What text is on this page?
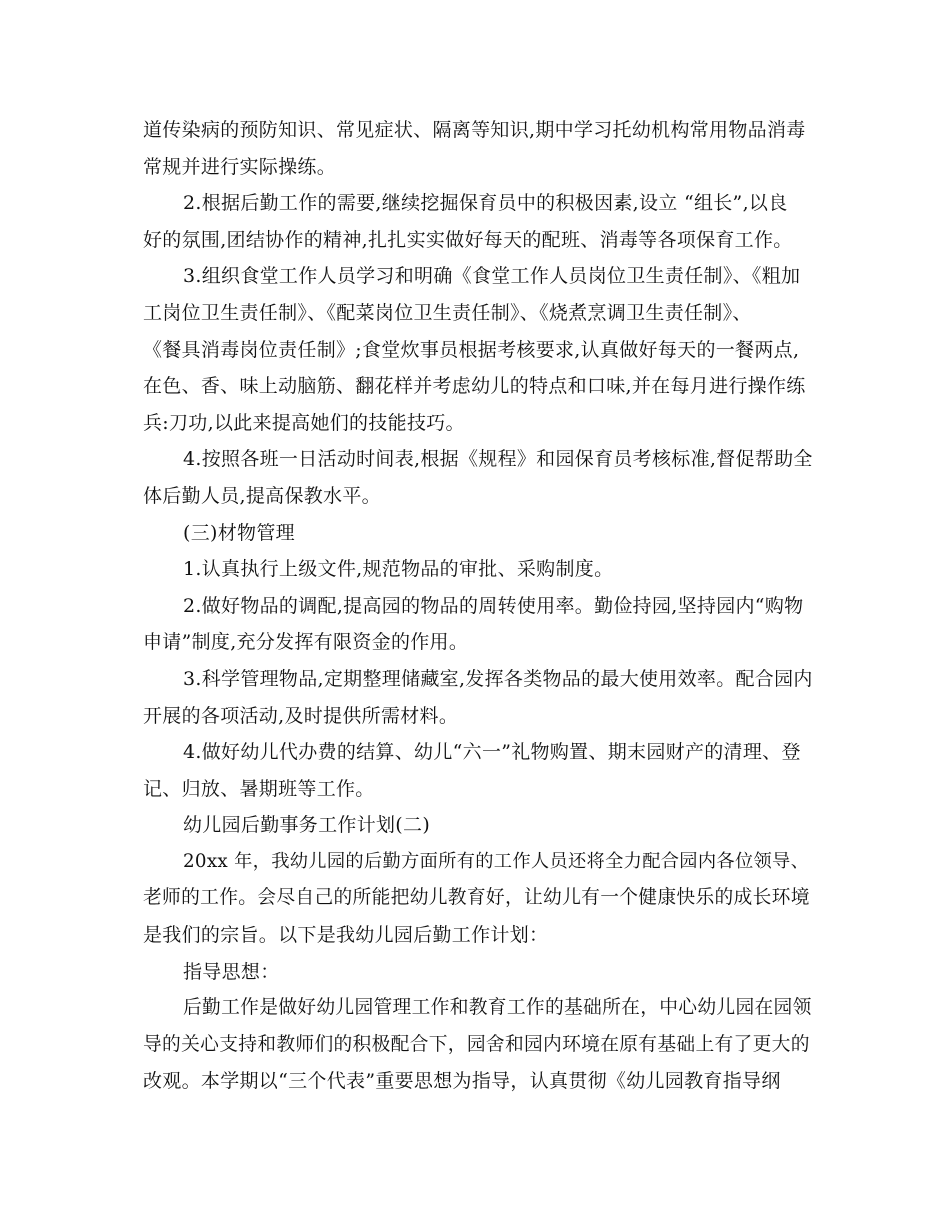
道传染病的预防知识、常见症状、隔离等知识,期中学习托幼机构常用物品消毒
常规并进行实际操练。
2.根据后勤工作的需要,继续挖掘保育员中的积极因素,设立 “组长”,以良
好的氛围,团结协作的精神,扎扎实实做好每天的配班、消毒等各项保育工作。
3.组织食堂工作人员学习和明确《食堂工作人员岗位卫生责任制》、《粗加
工岗位卫生责任制》、《配菜岗位卫生责任制》、《烧煮烹调卫生责任制》、
《餐具消毒岗位责任制》;食堂炊事员根据考核要求,认真做好每天的一餐两点,
在色、香、味上动脑筋、翻花样并考虑幼儿的特点和口味,并在每月进行操作练
兵:刀功,以此来提高她们的技能技巧。
4.按照各班一日活动时间表,根据《规程》和园保育员考核标准,督促帮助全
体后勤人员,提高保教水平。
(三)材物管理
1.认真执行上级文件,规范物品的审批、采购制度。
2.做好物品的调配,提高园的物品的周转使用率。勤俭持园,坚持园内“购物
申请”制度,充分发挥有限资金的作用。
3.科学管理物品,定期整理储藏室,发挥各类物品的最大使用效率。配合园内
开展的各项活动,及时提供所需材料。
4.做好幼儿代办费的结算、幼儿“六一”礼物购置、期末园财产的清理、登
记、归放、暑期班等工作。
幼儿园后勤事务工作计划(二)
20xx 年，我幼儿园的后勤方面所有的工作人员还将全力配合园内各位领导、
老师的工作。会尽自己的所能把幼儿教育好，让幼儿有一个健康快乐的成长环境
是我们的宗旨。以下是我幼儿园后勤工作计划：
指导思想：
后勤工作是做好幼儿园管理工作和教育工作的基础所在，中心幼儿园在园领
导的关心支持和教师们的积极配合下，园舍和园内环境在原有基础上有了更大的
改观。本学期以“三个代表”重要思想为指导，认真贯彻《幼儿园教育指导纲
